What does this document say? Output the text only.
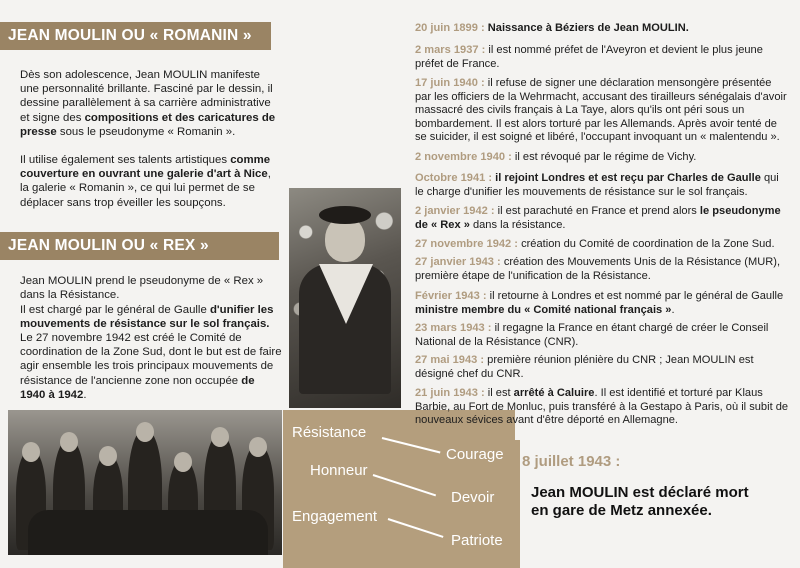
JEAN MOULIN OU « ROMANIN »
Dès son adolescence, Jean MOULIN manifeste une personnalité brillante. Fasciné par le dessin, il dessine parallèlement à sa carrière administrative et signe des compositions et des caricatures de presse sous le pseudonyme « Romanin ».
Il utilise également ses talents artistiques comme couverture en ouvrant une galerie d'art à Nice, la galerie « Romanin », ce qui lui permet de se déplacer sans trop éveiller les soupçons.
JEAN MOULIN OU « REX »
Jean MOULIN prend le pseudonyme de « Rex » dans la Résistance.
Il est chargé par le général de Gaulle d'unifier les mouvements de résistance sur le sol français.
Le 27 novembre 1942 est créé le Comité de coordination de la Zone Sud, dont le but est de faire agir ensemble les trois principaux mouvements de résistance de l'ancienne zone non occupée de 1940 à 1942.
Résistance
Honneur
Engagement
Courage
Devoir
Patriote
20 juin 1899 : Naissance à Béziers de Jean MOULIN.
2 mars 1937 : il est nommé préfet de l'Aveyron et devient le plus jeune préfet de France.
17 juin 1940 : il refuse de signer une déclaration mensongère présentée par les officiers de la Wehrmacht, accusant des tirailleurs sénégalais d'avoir massacré des civils français à La Taye, alors qu'ils ont péri sous un bombardement. Il est alors torturé par les Allemands. Après avoir tenté de se suicider, il est soigné et libéré, l'occupant invoquant un « malentendu ».
2 novembre 1940 : il est révoqué par le régime de Vichy.
Octobre 1941 : il rejoint Londres et est reçu par Charles de Gaulle qui le charge d'unifier les mouvements de résistance sur le sol français.
2 janvier 1942 : il est parachuté en France et prend alors le pseudonyme de « Rex » dans la résistance.
27 novembre 1942 : création du Comité de coordination de la Zone Sud.
27 janvier 1943 : création des Mouvements Unis de la Résistance (MUR), première étape de l'unification de la Résistance.
Février 1943 : il retourne à Londres et est nommé par le général de Gaulle ministre membre du « Comité national français ».
23 mars 1943 : il regagne la France en étant chargé de créer le Conseil National de la Résistance (CNR).
27 mai 1943 : première réunion plénière du CNR ; Jean MOULIN est désigné chef du CNR.
21 juin 1943 : il est arrêté à Caluire. Il est identifié et torturé par Klaus Barbie, au Fort de Monluc, puis transféré à la Gestapo à Paris, où il subit de nouveaux sévices avant d'être déporté en Allemagne.
8 juillet 1943 :
Jean MOULIN est déclaré mort en gare de Metz annexée.
